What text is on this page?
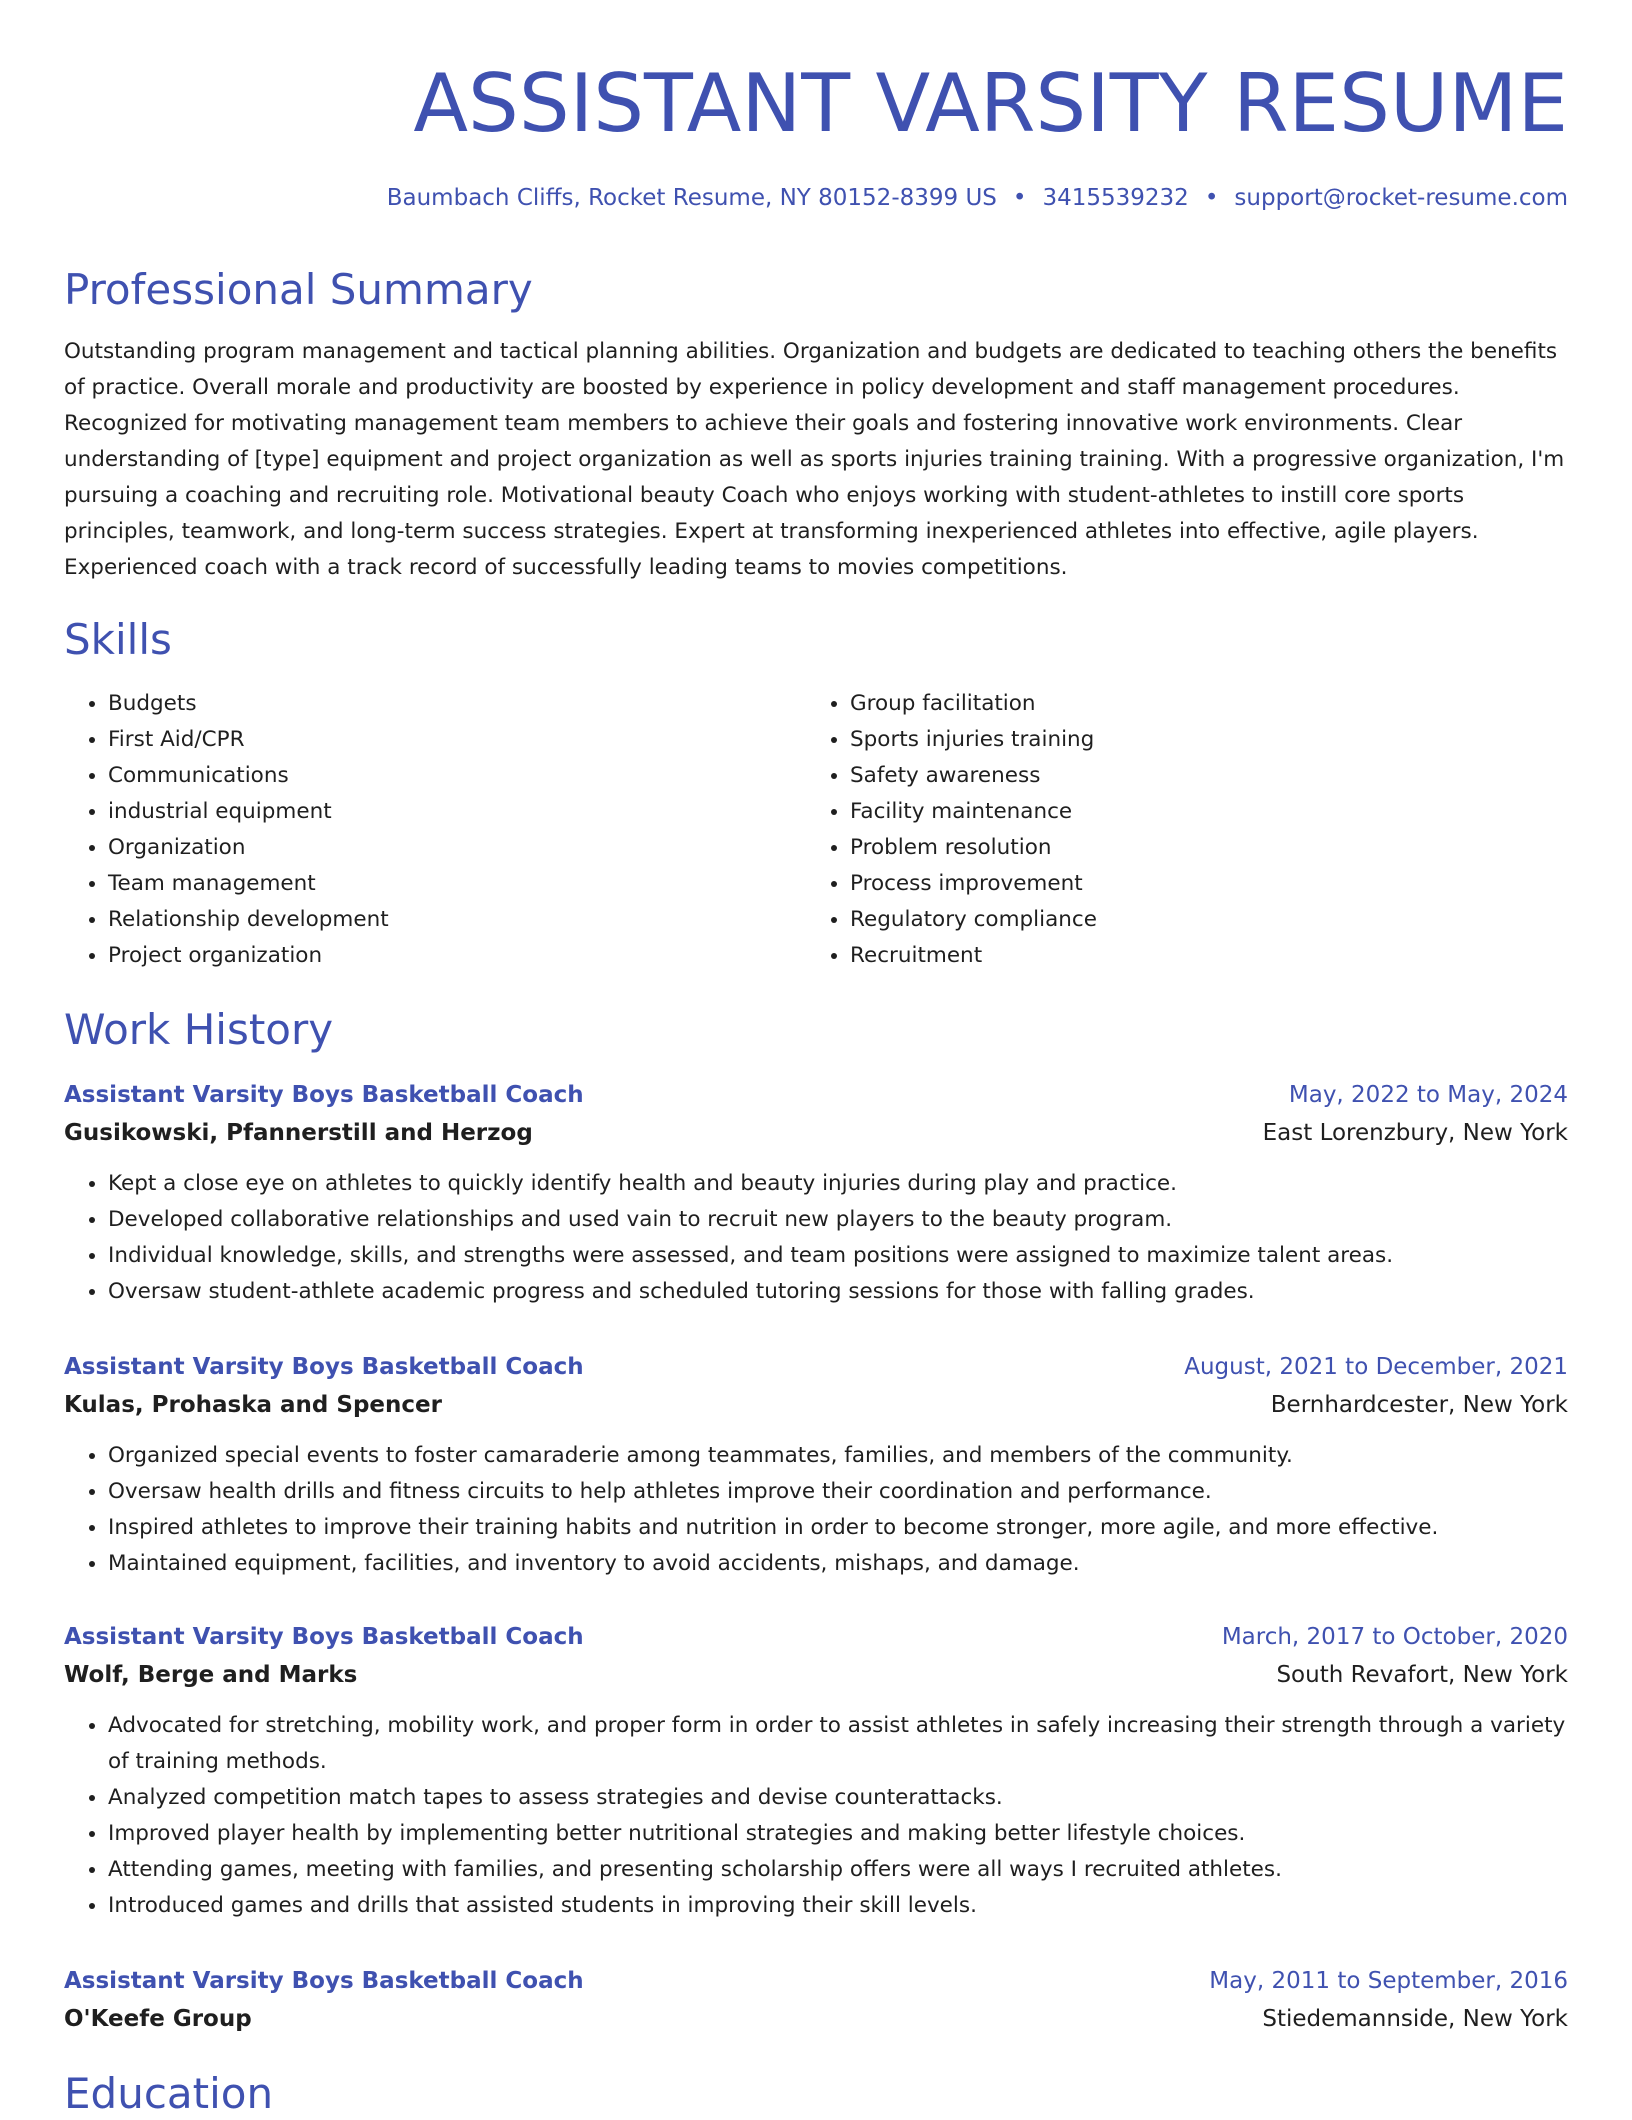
ASSISTANT VARSITY RESUME
Baumbach Cliffs, Rocket Resume, NY 80152-8399 US • 3415539232 • support@rocket-resume.com
Professional Summary

Outstanding program management and tactical planning abilities. Organization and budgets are dedicated to teaching others the benefits of practice. Overall morale and productivity are boosted by experience in policy development and staff management procedures. Recognized for motivating management team members to achieve their goals and fostering innovative work environments. Clear understanding of [type] equipment and project organization as well as sports injuries training training. With a progressive organization, I'm pursuing a coaching and recruiting role. Motivational beauty Coach who enjoys working with student-athletes to instill core sports principles, teamwork, and long-term success strategies. Expert at transforming inexperienced athletes into effective, agile players. Experienced coach with a track record of successfully leading teams to movies competitions.

Skills
• Budgets
• First Aid/CPR
• Communications
• industrial equipment
• Organization
• Team management
• Relationship development
• Project organization
• Group facilitation
• Sports injuries training
• Safety awareness
• Facility maintenance
• Problem resolution
• Process improvement
• Regulatory compliance
• Recruitment
Work History
Assistant Varsity Boys Basketball Coach	May, 2022 to May, 2024
Gusikowski, Pfannerstill and Herzog	East Lorenzbury, New York
• Kept a close eye on athletes to quickly identify health and beauty injuries during play and practice.
• Developed collaborative relationships and used vain to recruit new players to the beauty program.
• Individual knowledge, skills, and strengths were assessed, and team positions were assigned to maximize talent areas.
• Oversaw student-athlete academic progress and scheduled tutoring sessions for those with falling grades.
Assistant Varsity Boys Basketball Coach	August, 2021 to December, 2021
Kulas, Prohaska and Spencer	Bernhardcester, New York
• Organized special events to foster camaraderie among teammates, families, and members of the community.
• Oversaw health drills and fitness circuits to help athletes improve their coordination and performance.
• Inspired athletes to improve their training habits and nutrition in order to become stronger, more agile, and more effective.
• Maintained equipment, facilities, and inventory to avoid accidents, mishaps, and damage.
Assistant Varsity Boys Basketball Coach	March, 2017 to October, 2020
Wolf, Berge and Marks	South Revafort, New York
• Advocated for stretching, mobility work, and proper form in order to assist athletes in safely increasing their strength through a variety of training methods.
• Analyzed competition match tapes to assess strategies and devise counterattacks.
• Improved player health by implementing better nutritional strategies and making better lifestyle choices.
• Attending games, meeting with families, and presenting scholarship offers were all ways I recruited athletes.
• Introduced games and drills that assisted students in improving their skill levels.
Assistant Varsity Boys Basketball Coach	May, 2011 to September, 2016
O'Keefe Group	Stiedemannside, New York
Education
